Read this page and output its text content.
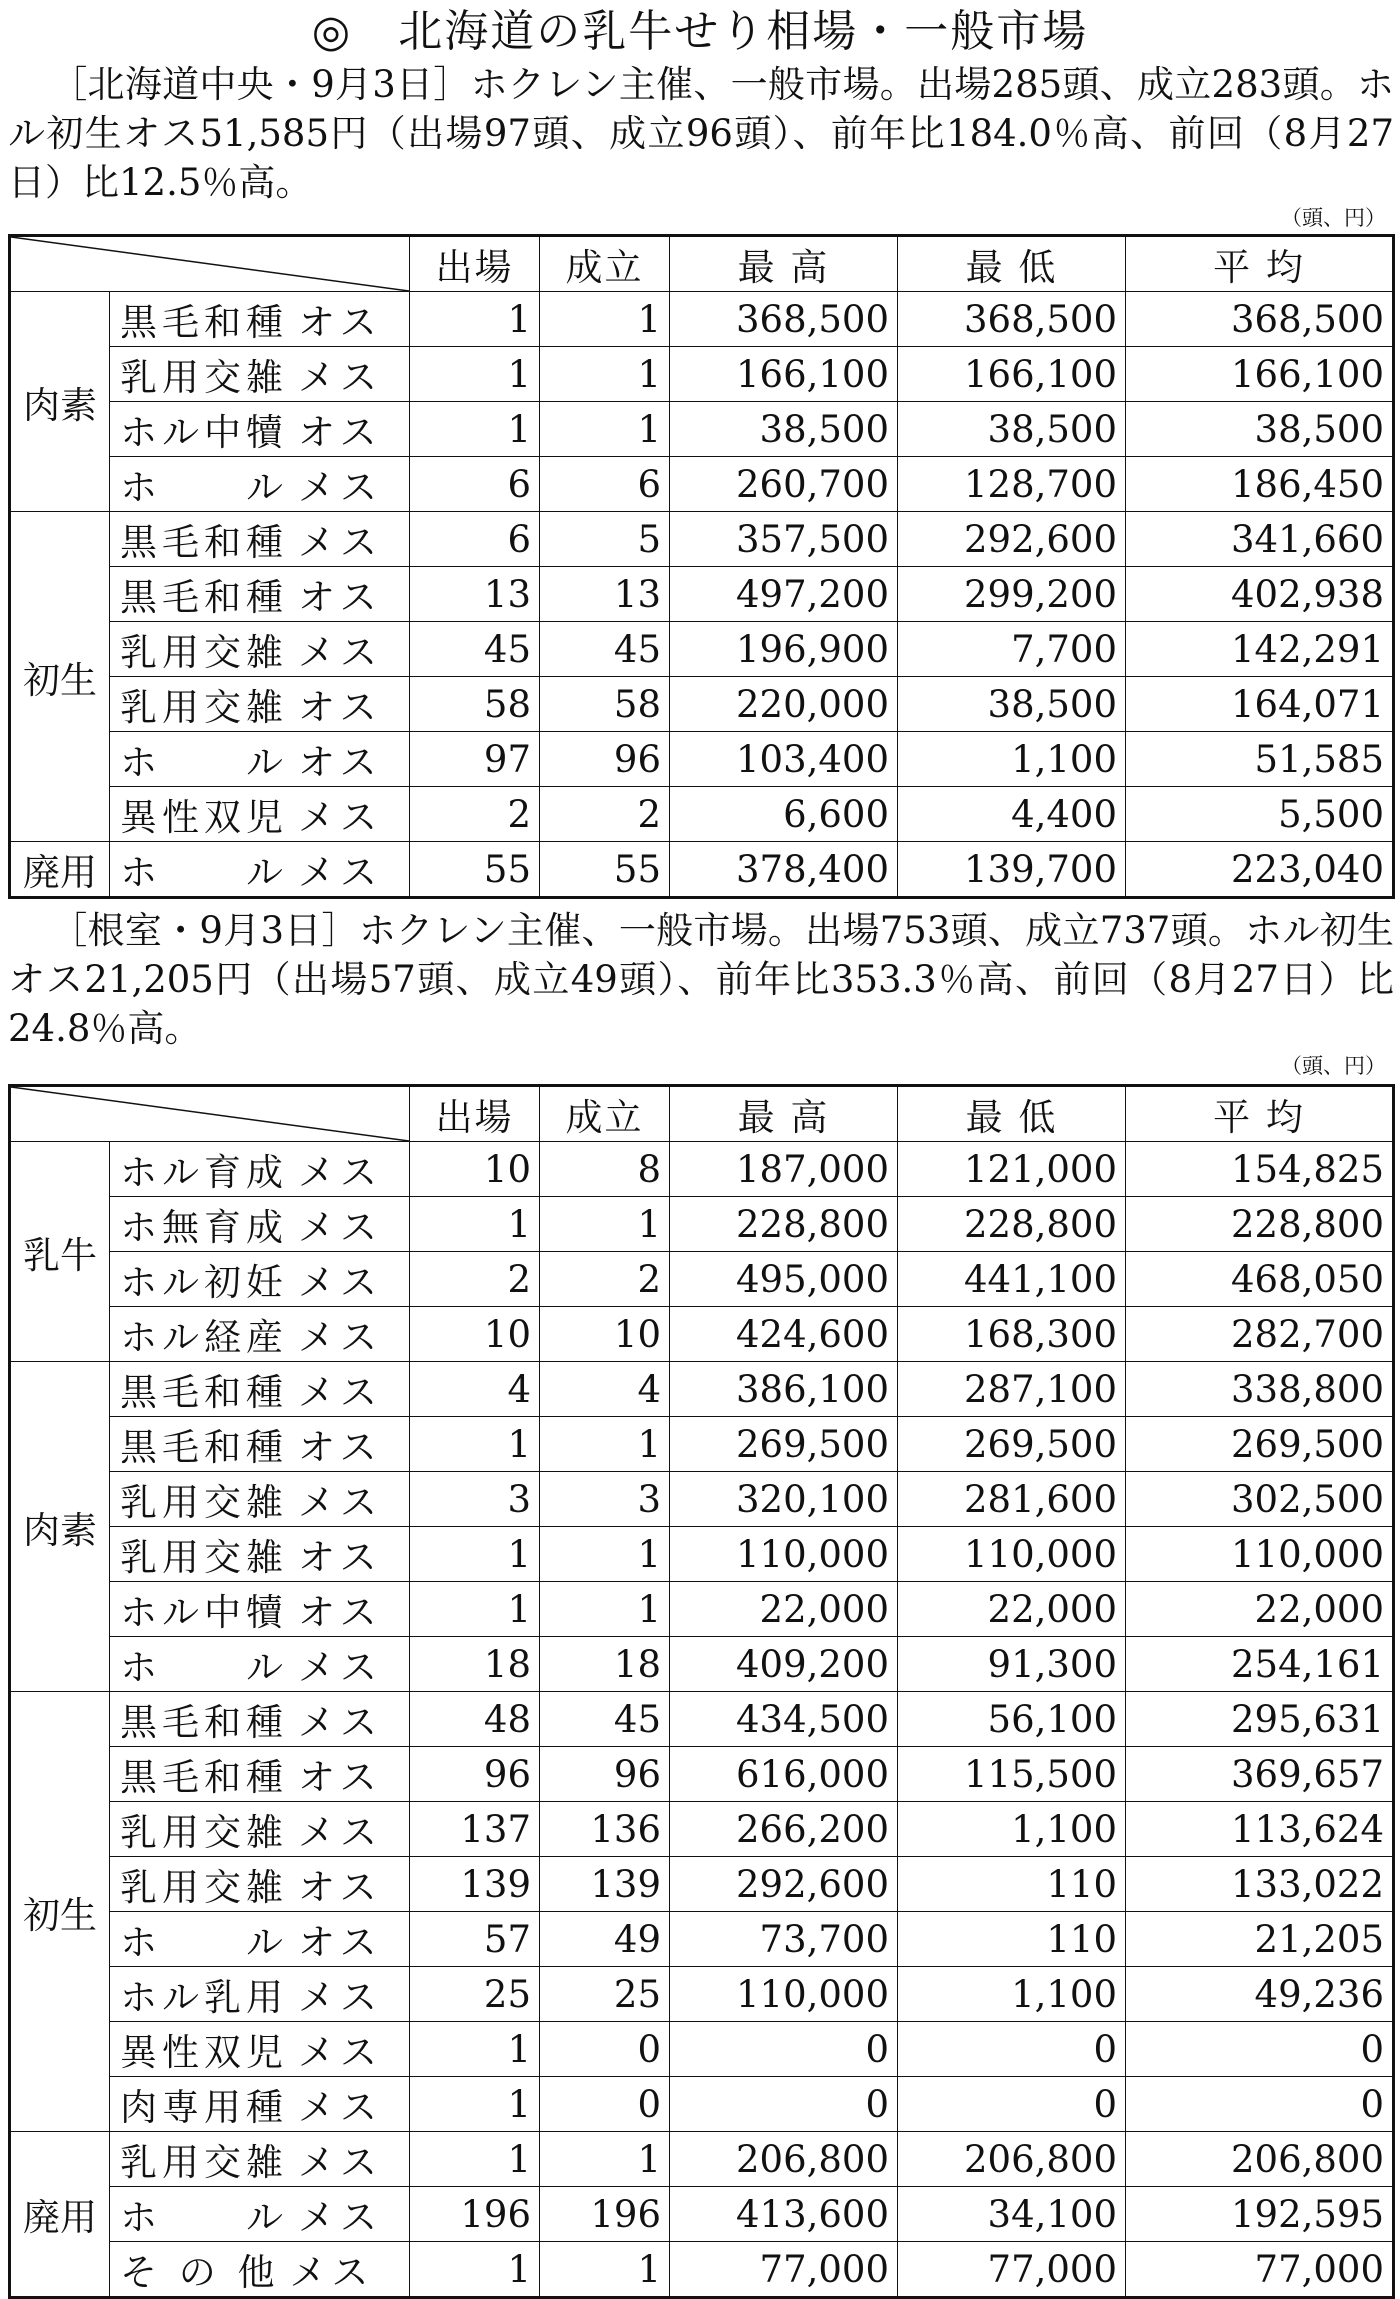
◎　北海道の乳牛せり相場・一般市場
［北海道中央・9月3日］ホクレン主催、一般市場。出場285頭、成立283頭。ホル初生オス51,585円（出場97頭、成立96頭）、前年比184.0％高、前回（8月27日）比12.5％高。
（頭、円）
	出場	成立	最 高	最 低	平 均
肉素	黒毛和種 オス	1	1	368,500	368,500	368,500
	乳用交雑 メス	1	1	166,100	166,100	166,100
	ホル中犢 オス	1	1	38,500	38,500	38,500
	ホ　　ル メス	6	6	260,700	128,700	186,450
初生	黒毛和種 メス	6	5	357,500	292,600	341,660
	黒毛和種 オス	13	13	497,200	299,200	402,938
	乳用交雑 メス	45	45	196,900	7,700	142,291
	乳用交雑 オス	58	58	220,000	38,500	164,071
	ホ　　ル オス	97	96	103,400	1,100	51,585
	異性双児 メス	2	2	6,600	4,400	5,500
廃用	ホ　　ル メス	55	55	378,400	139,700	223,040
［根室・9月3日］ホクレン主催、一般市場。出場753頭、成立737頭。ホル初生オス21,205円（出場57頭、成立49頭）、前年比353.3％高、前回（8月27日）比24.8％高。
（頭、円）
	出場	成立	最 高	最 低	平 均
乳牛	ホル育成 メス	10	8	187,000	121,000	154,825
	ホ無育成 メス	1	1	228,800	228,800	228,800
	ホル初妊 メス	2	2	495,000	441,100	468,050
	ホル経産 メス	10	10	424,600	168,300	282,700
肉素	黒毛和種 メス	4	4	386,100	287,100	338,800
	黒毛和種 オス	1	1	269,500	269,500	269,500
	乳用交雑 メス	3	3	320,100	281,600	302,500
	乳用交雑 オス	1	1	110,000	110,000	110,000
	ホル中犢 オス	1	1	22,000	22,000	22,000
	ホ　　ル メス	18	18	409,200	91,300	254,161
初生	黒毛和種 メス	48	45	434,500	56,100	295,631
	黒毛和種 オス	96	96	616,000	115,500	369,657
	乳用交雑 メス	137	136	266,200	1,100	113,624
	乳用交雑 オス	139	139	292,600	110	133,022
	ホ　　ル オス	57	49	73,700	110	21,205
	ホル乳用 メス	25	25	110,000	1,100	49,236
	異性双児 メス	1	0	0	0	0
	肉専用種 メス	1	0	0	0	0
廃用	乳用交雑 メス	1	1	206,800	206,800	206,800
	ホ　　ル メス	196	196	413,600	34,100	192,595
	そ の 他 メス	1	1	77,000	77,000	77,000
